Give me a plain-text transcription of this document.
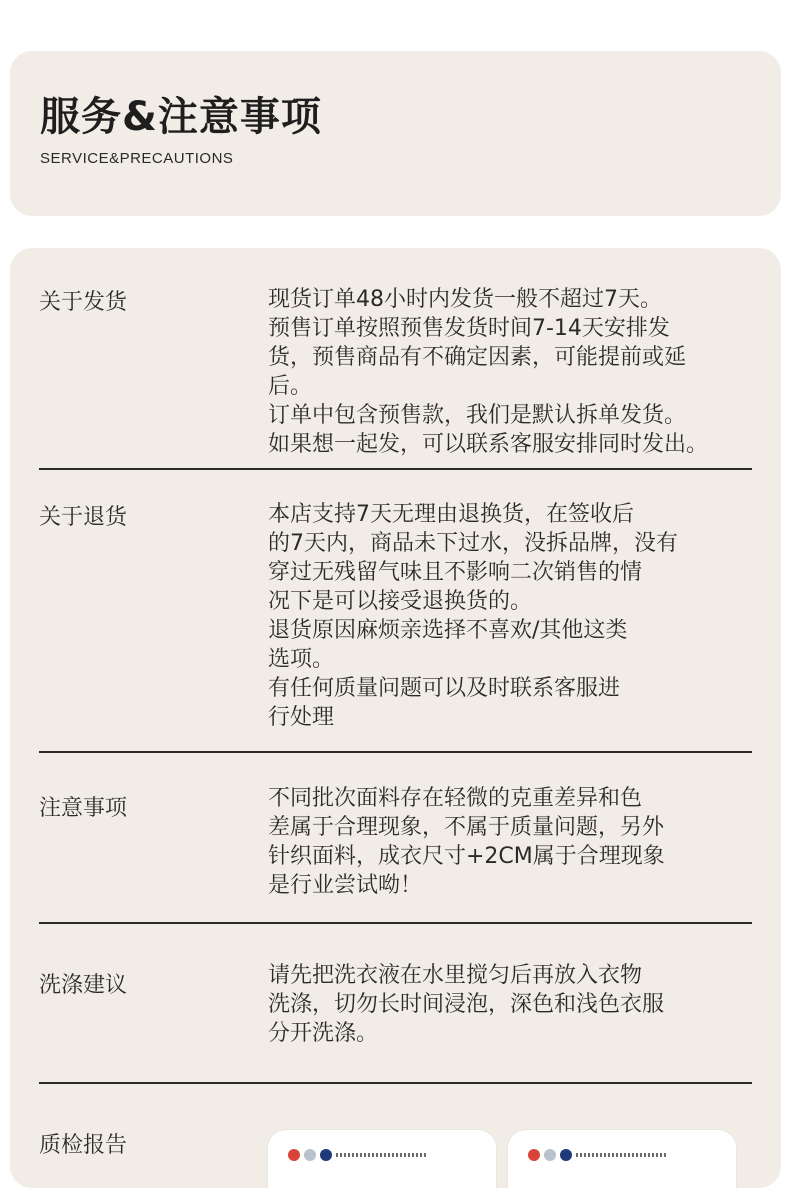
服务&注意事项
SERVICE&PRECAUTIONS
关于发货	现货订单48小时内发货一般不超过7天。
预售订单按照预售发货时间7-14天安排发
货，预售商品有不确定因素，可能提前或延
后。
订单中包含预售款，我们是默认拆单发货。
如果想一起发，可以联系客服安排同时发出。
关于退货	本店支持7天无理由退换货，在签收后
的7天内，商品未下过水，没拆品牌，没有
穿过无残留气味且不影响二次销售的情
况下是可以接受退换货的。
退货原因麻烦亲选择不喜欢/其他这类
选项。
有任何质量问题可以及时联系客服进
行处理
注意事项	不同批次面料存在轻微的克重差异和色
差属于合理现象，不属于质量问题，另外
针织面料，成衣尺寸+2CM属于合理现象
是行业尝试呦！
洗涤建议	请先把洗衣液在水里搅匀后再放入衣物
洗涤，切勿长时间浸泡，深色和浅色衣服
分开洗涤。
质检报告
